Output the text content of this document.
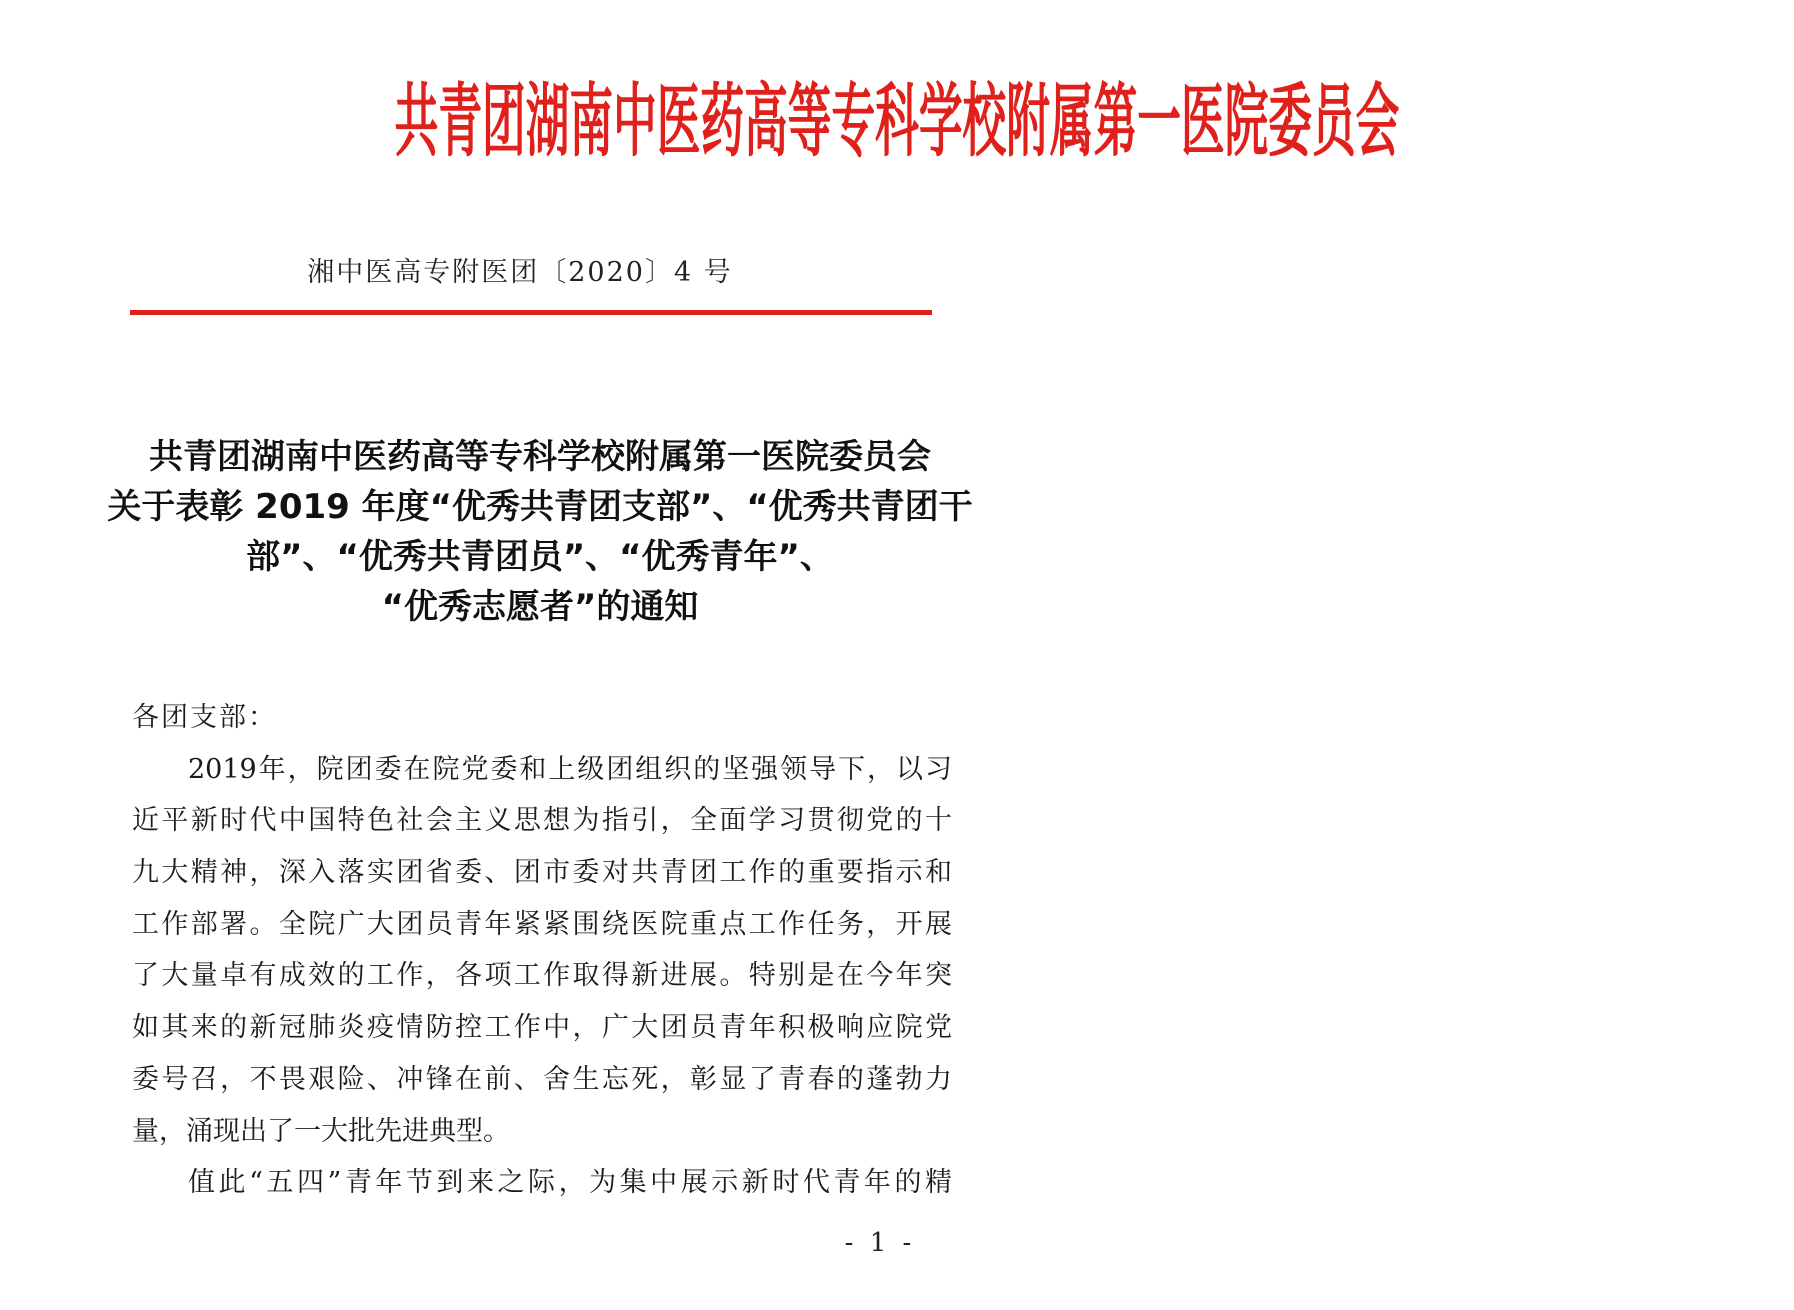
共青团湖南中医药高等专科学校附属第一医院委员会
湘中医高专附医团〔2020〕4 号
共青团湖南中医药高等专科学校附属第一医院委员会
关于表彰 2019 年度“优秀共青团支部”、“优秀共青团干
部”、“优秀共青团员”、“优秀青年”、
“优秀志愿者”的通知
各团支部：
2019年，院团委在院党委和上级团组织的坚强领导下，以习
近平新时代中国特色社会主义思想为指引，全面学习贯彻党的十
九大精神，深入落实团省委、团市委对共青团工作的重要指示和
工作部署。全院广大团员青年紧紧围绕医院重点工作任务，开展
了大量卓有成效的工作，各项工作取得新进展。特别是在今年突
如其来的新冠肺炎疫情防控工作中，广大团员青年积极响应院党
委号召，不畏艰险、冲锋在前、舍生忘死，彰显了青春的蓬勃力
量，涌现出了一大批先进典型。
值此“五四”青年节到来之际，为集中展示新时代青年的精
- 1 -
